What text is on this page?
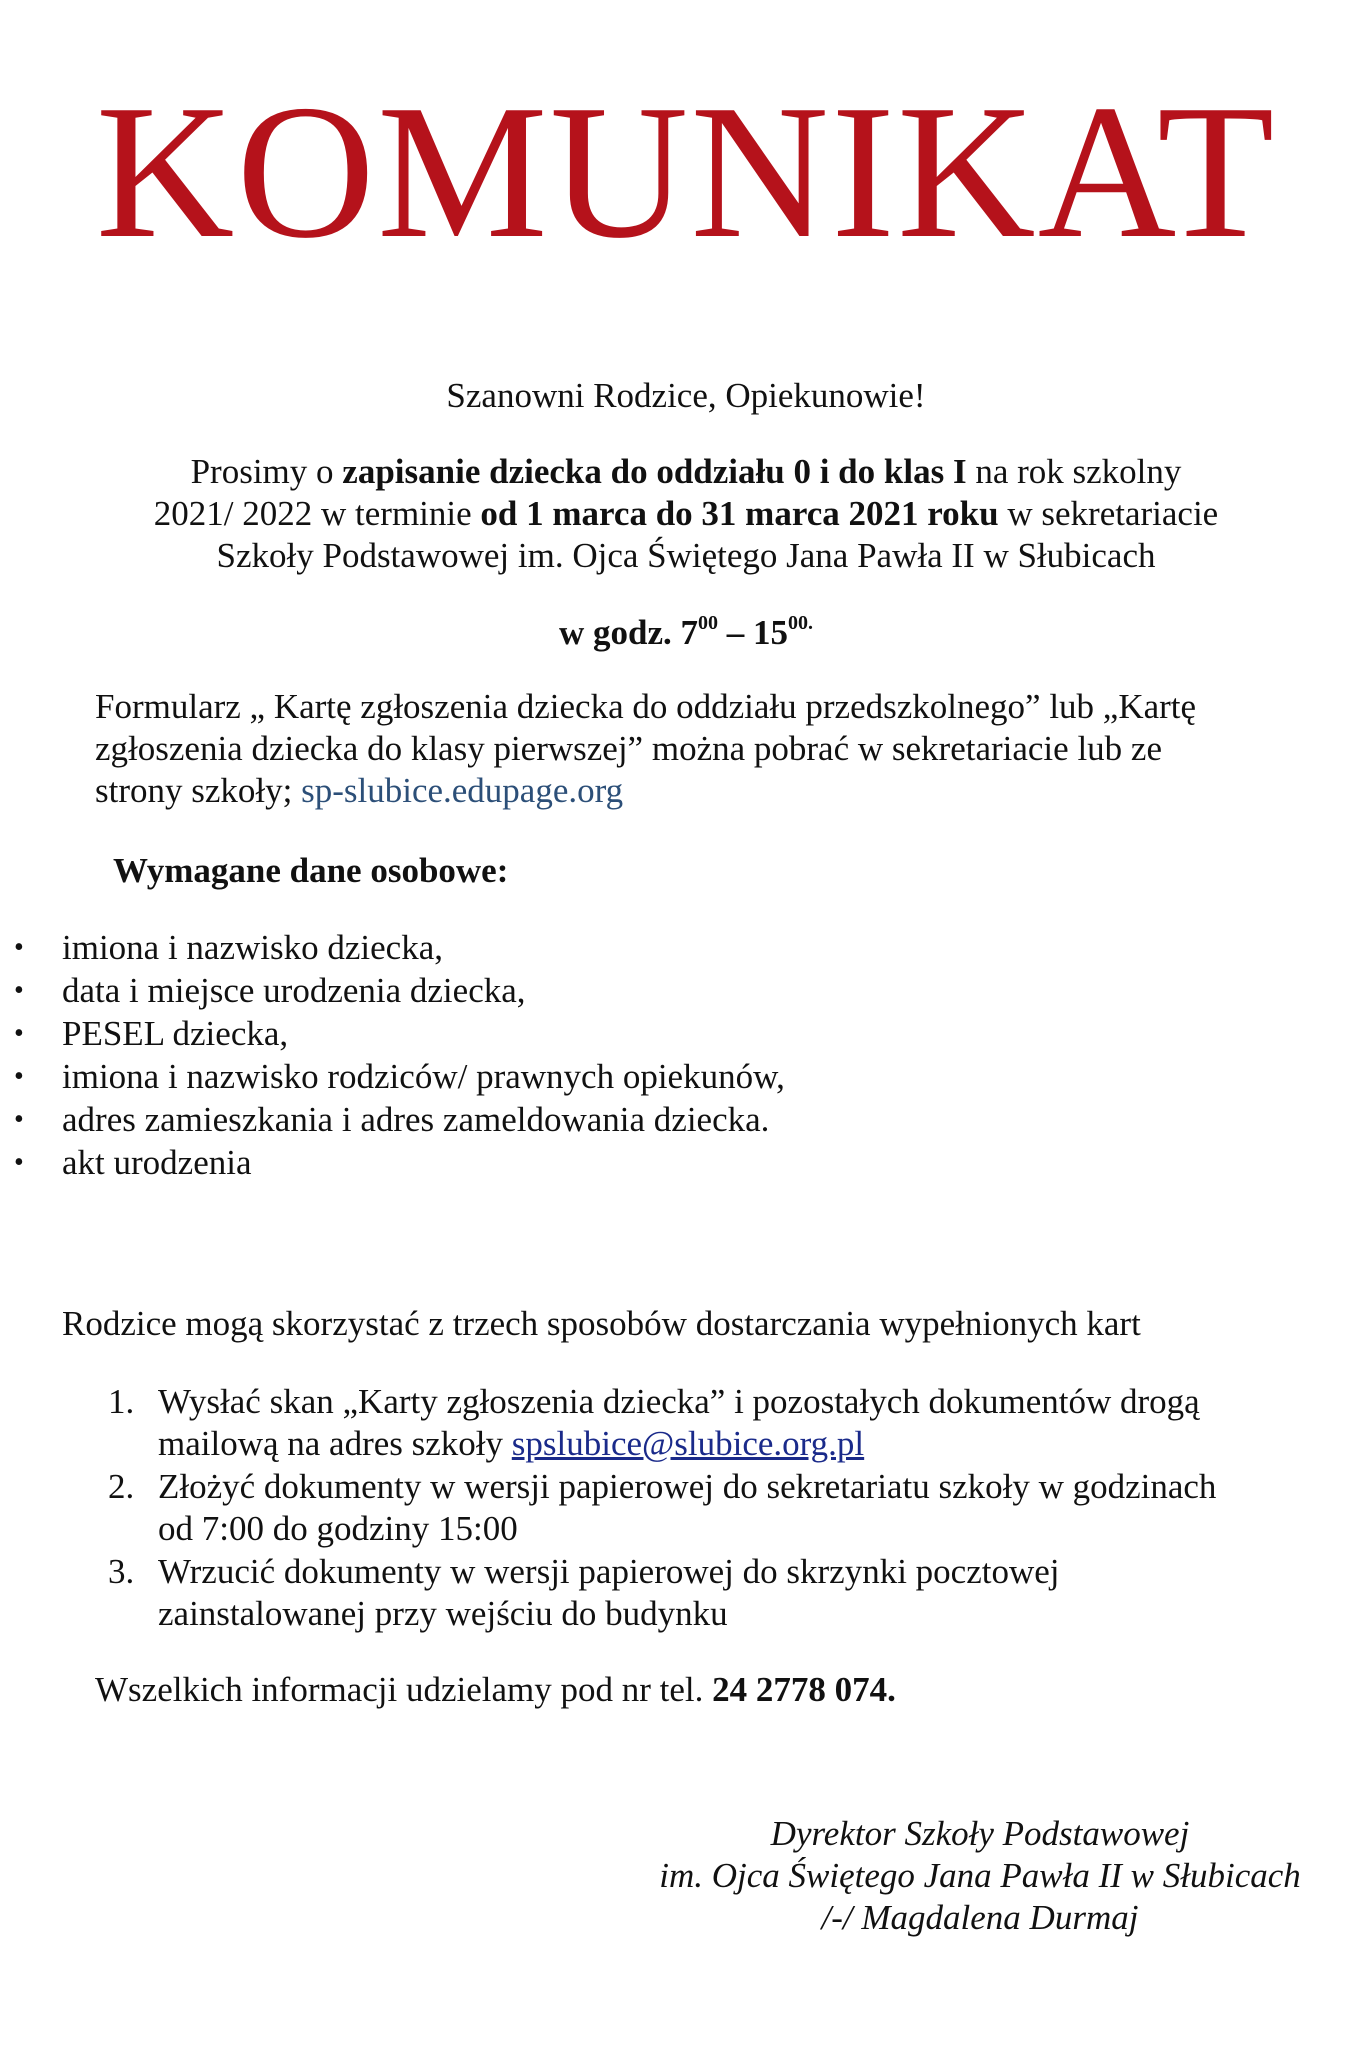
KOMUNIKAT
Szanowni Rodzice, Opiekunowie!
Prosimy o zapisanie dziecka do oddziału 0 i do klas I na rok szkolny
2021/ 2022 w terminie od 1 marca do 31 marca 2021 roku w sekretariacie
Szkoły Podstawowej im. Ojca Świętego Jana Pawła II w Słubicach
w godz. $7^{00} - 15^{00.}$
Formularz „ Kartę zgłoszenia dziecka do oddziału przedszkolnego” lub „Kartę
zgłoszenia dziecka do klasy pierwszej” można pobrać w sekretariacie lub ze
strony szkoły; sp-slubice.edupage.org
Wymagane dane osobowe:
• imiona i nazwisko dziecka,
• data i miejsce urodzenia dziecka,
• PESEL dziecka,
• imiona i nazwisko rodziców/ prawnych opiekunów,
• adres zamieszkania i adres zameldowania dziecka.
• akt urodzenia
Rodzice mogą skorzystać z trzech sposobów dostarczania wypełnionych kart
1. Wysłać skan „Karty zgłoszenia dziecka” i pozostałych dokumentów drogą
mailową na adres szkoły spslubice@slubice.org.pl
2. Złożyć dokumenty w wersji papierowej do sekretariatu szkoły w godzinach
od 7:00 do godziny 15:00
3. Wrzucić dokumenty w wersji papierowej do skrzynki pocztowej
zainstalowanej przy wejściu do budynku
Wszelkich informacji udzielamy pod nr tel. 24 2778 074.
Dyrektor Szkoły Podstawowej
im. Ojca Świętego Jana Pawła II w Słubicach
/-/ Magdalena Durmaj
